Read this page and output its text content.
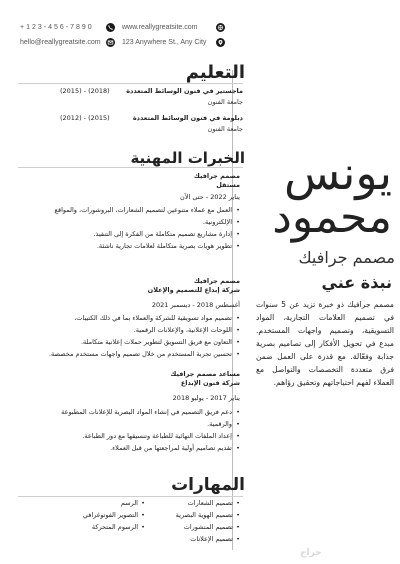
+123-456-7890
hello@reallygreatsite.com
www.reallygreatsite.com
123 Anywhere St., Any City
يونس
محمود
مصمم جرافيك
نبذة عني
مصمم جرافيك ذو خبرة تزيد عن 5 سنوات في تصميم العلامات التجارية، المواد التسويقية، وتصميم واجهات المستخدم. مبدع في تحويل الأفكار إلى تصاميم بصرية جذابة وفعّالة. مع قدرة على العمل ضمن فرق متعددة التخصصات والتواصل مع العملاء لفهم احتياجاتهم وتحقيق رؤاهم.
التعليم
ماجستير في فنون الوسائط المتعددة
(2015) - (2018)
جامعة الفنون
دبلومة في فنون الوسائط المتعددة
(2012) - (2015)
جامعة الفنون
الخبرات المهنية
مصمم جرافيك
مستقل
يناير 2022 - حتى الآن
• العمل مع عملاء متنوعين لتصميم الشعارات، البروشورات، والمواقع
• الإلكترونية.
• إدارة مشاريع تصميم متكاملة من الفكرة إلى التنفيذ.
• تطوير هويات بصرية متكاملة لعلامات تجارية ناشئة.
مصمم جرافيك
شركة إبداع للتصميم والإعلان
أغسطس 2018 - ديسمبر 2021
• تصميم مواد تسويقية للشركة والعملاء بما في ذلك الكتيبات،
• اللوحات الإعلانية، والإعلانات الرقمية.
• التعاون مع فريق التسويق لتطوير حملات إعلانية متكاملة.
• تحسين تجربة المستخدم من خلال تصميم واجهات مستخدم مخصصة.
مساعد مصمم جرافيك
شركة فنون الإبداع
يناير 2017 - يوليو 2018
• دعم فريق التصميم في إنشاء المواد البصرية للإعلانات المطبوعة
• والرقمية.
• إعداد الملفات النهائية للطباعة وتنسيقها مع دور الطباعة.
• تقديم تصاميم أولية لمراجعتها من قبل العملاء.
المهارات
• تصميم الشعارات
• تصميم الهوية البصرية
• تصميم المنشورات
• تصميم الإعلانات
• الرسم
• التصوير الفوتوغرافي
• الرسوم المتحركة
حراج
